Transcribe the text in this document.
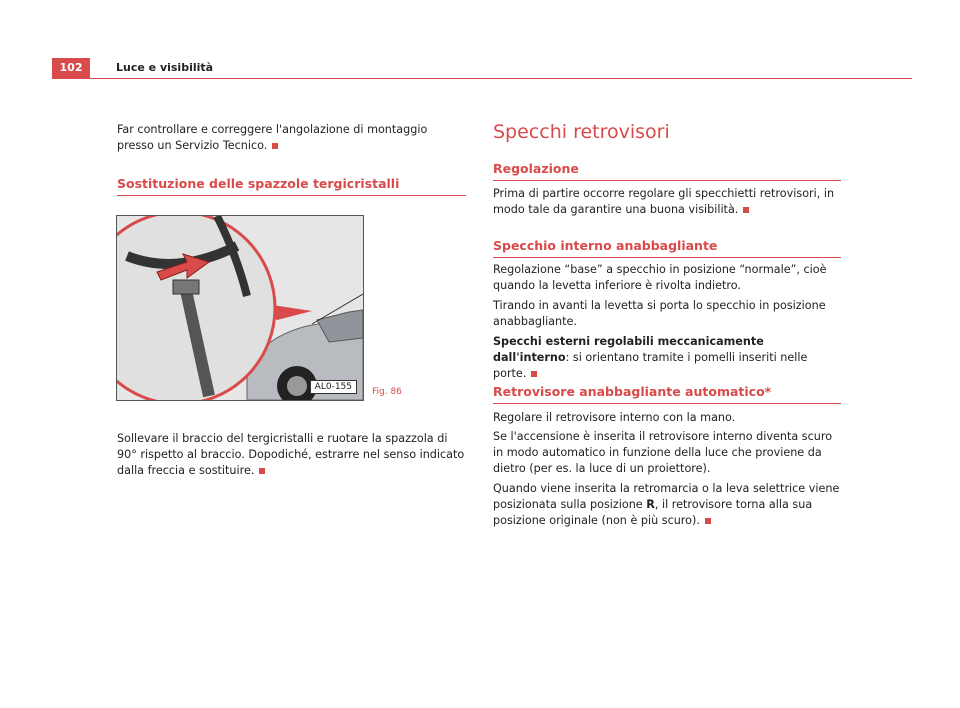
102	Luce e visibilità

Far controllare e correggere l'angolazione di montaggio presso un Servizio Tecnico.

Sostituzione delle spazzole tergicristalli
AL0-155	Fig. 86

Sollevare il braccio del tergicristalli e ruotare la spazzola di 90° rispetto al braccio. Dopodiché, estrarre nel senso indicato dalla freccia e sostituire.

Specchi retrovisori
Regolazione

Prima di partire occorre regolare gli specchietti retrovisori, in modo tale da garantire una buona visibilità.

Specchio interno anabbagliante

Regolazione “base” a specchio in posizione “normale”, cioè quando la levetta inferiore è rivolta indietro.

Tirando in avanti la levetta si porta lo specchio in posizione anabbagliante.

Specchi esterni regolabili meccanicamente dall'interno: si orientano tramite i pomelli inseriti nelle porte.

Retrovisore anabbagliante automatico*

Regolare il retrovisore interno con la mano.

Se l'accensione è inserita il retrovisore interno diventa scuro in modo automatico in funzione della luce che proviene da dietro (per es. la luce di un proiettore).

Quando viene inserita la retromarcia o la leva selettrice viene posizionata sulla posizione R, il retrovisore torna alla sua posizione originale (non è più scuro).
